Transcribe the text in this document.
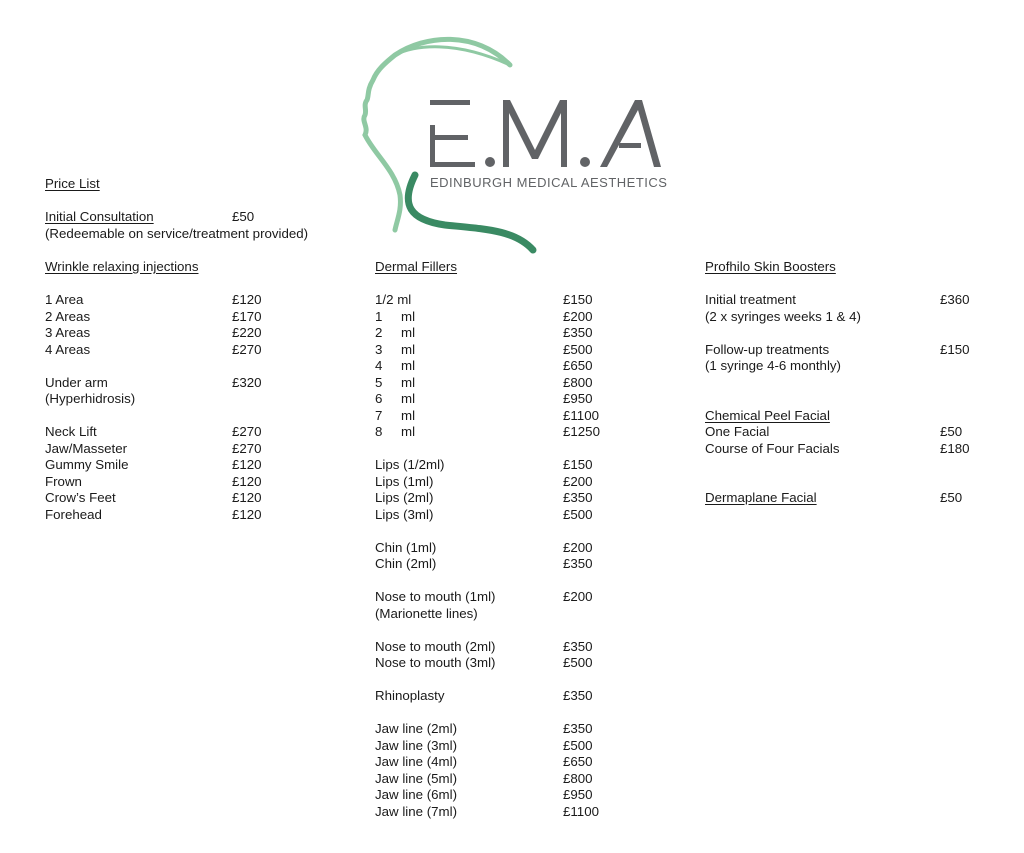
EDINBURGH MEDICAL AESTHETICS
Price List
Initial Consultation	£50
(Redeemable on service/treatment provided)
Wrinkle relaxing injections
1 Area	£120
2 Areas	£170
3 Areas	£220
4 Areas	£270
Under arm	£320
(Hyperhidrosis)
Neck Lift	£270
Jaw/Masseter	£270
Gummy Smile	£120
Frown	£120
Crow’s Feet	£120
Forehead	£120
Dermal Fillers
1/2 ml	£150
1 ml	£200
2 ml	£350
3 ml	£500
4 ml	£650
5 ml	£800
6 ml	£950
7 ml	£1100
8 ml	£1250
Lips (1/2ml)	£150
Lips (1ml)	£200
Lips (2ml)	£350
Lips (3ml)	£500
Chin (1ml)	£200
Chin (2ml)	£350
Nose to mouth (1ml)	£200
(Marionette lines)
Nose to mouth (2ml)	£350
Nose to mouth (3ml)	£500
Rhinoplasty	£350
Jaw line (2ml)	£350
Jaw line (3ml)	£500
Jaw line (4ml)	£650
Jaw line (5ml)	£800
Jaw line (6ml)	£950
Jaw line (7ml)	£1100
Profhilo Skin Boosters
Initial treatment	£360
(2 x syringes weeks 1 & 4)
Follow-up treatments	£150
(1 syringe 4-6 monthly)
Chemical Peel Facial
One Facial	£50
Course of Four Facials	£180
Dermaplane Facial	£50
